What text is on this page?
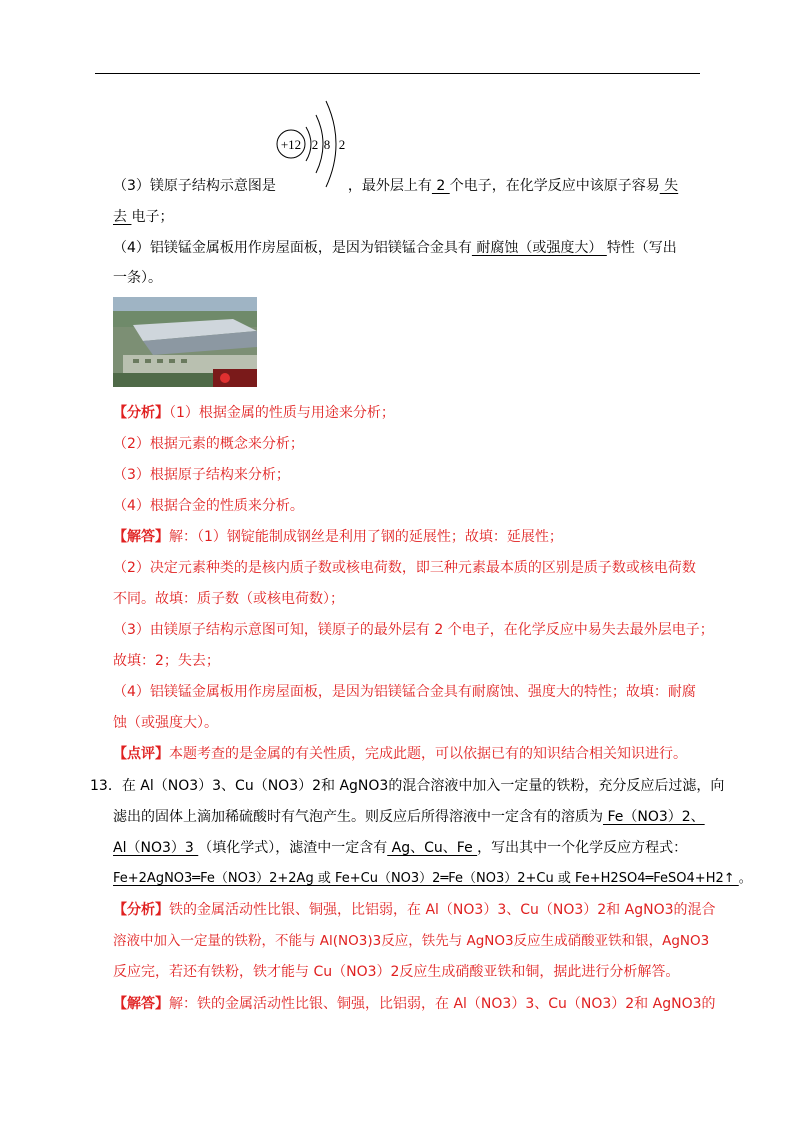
+12 2 8 2
（3）镁原子结构示意图是	，最外层上有 2 个电子，在化学反应中该原子容易 失
去 电子；
（4）铝镁锰金属板用作房屋面板，是因为铝镁锰合金具有 耐腐蚀（或强度大） 特性（写出
一条）。
【分析】（1）根据金属的性质与用途来分析；
（2）根据元素的概念来分析；
（3）根据原子结构来分析；
（4）根据合金的性质来分析。
【解答】解：（1）钢锭能制成钢丝是利用了钢的延展性；故填：延展性；
（2）决定元素种类的是核内质子数或核电荷数，即三种元素最本质的区别是质子数或核电荷数
不同。故填：质子数（或核电荷数）；
（3）由镁原子结构示意图可知，镁原子的最外层有 2 个电子，在化学反应中易失去最外层电子；
故填：2；失去；
（4）铝镁锰金属板用作房屋面板，是因为铝镁锰合金具有耐腐蚀、强度大的特性；故填：耐腐
蚀（或强度大）。
【点评】本题考查的是金属的有关性质，完成此题，可以依据已有的知识结合相关知识进行。
13．在 Al（NO3）3、Cu（NO3）2和 AgNO3的混合溶液中加入一定量的铁粉，充分反应后过滤，向
滤出的固体上滴加稀硫酸时有气泡产生。则反应后所得溶液中一定含有的溶质为 Fe（NO3）2、
Al（NO3）3 （填化学式），滤渣中一定含有 Ag、Cu、Fe ，写出其中一个化学反应方程式：
Fe+2AgNO3═Fe（NO3）2+2Ag 或 Fe+Cu（NO3）2═Fe（NO3）2+Cu 或 Fe+H2SO4═FeSO4+H2↑ 。
【分析】铁的金属活动性比银、铜强，比铝弱，在 Al（NO3）3、Cu（NO3）2和 AgNO3的混合
溶液中加入一定量的铁粉，不能与 Al(NO3)3反应，铁先与 AgNO3反应生成硝酸亚铁和银，AgNO3
反应完，若还有铁粉，铁才能与 Cu（NO3）2反应生成硝酸亚铁和铜，据此进行分析解答。
【解答】解：铁的金属活动性比银、铜强，比铝弱，在 Al（NO3）3、Cu（NO3）2和 AgNO3的
